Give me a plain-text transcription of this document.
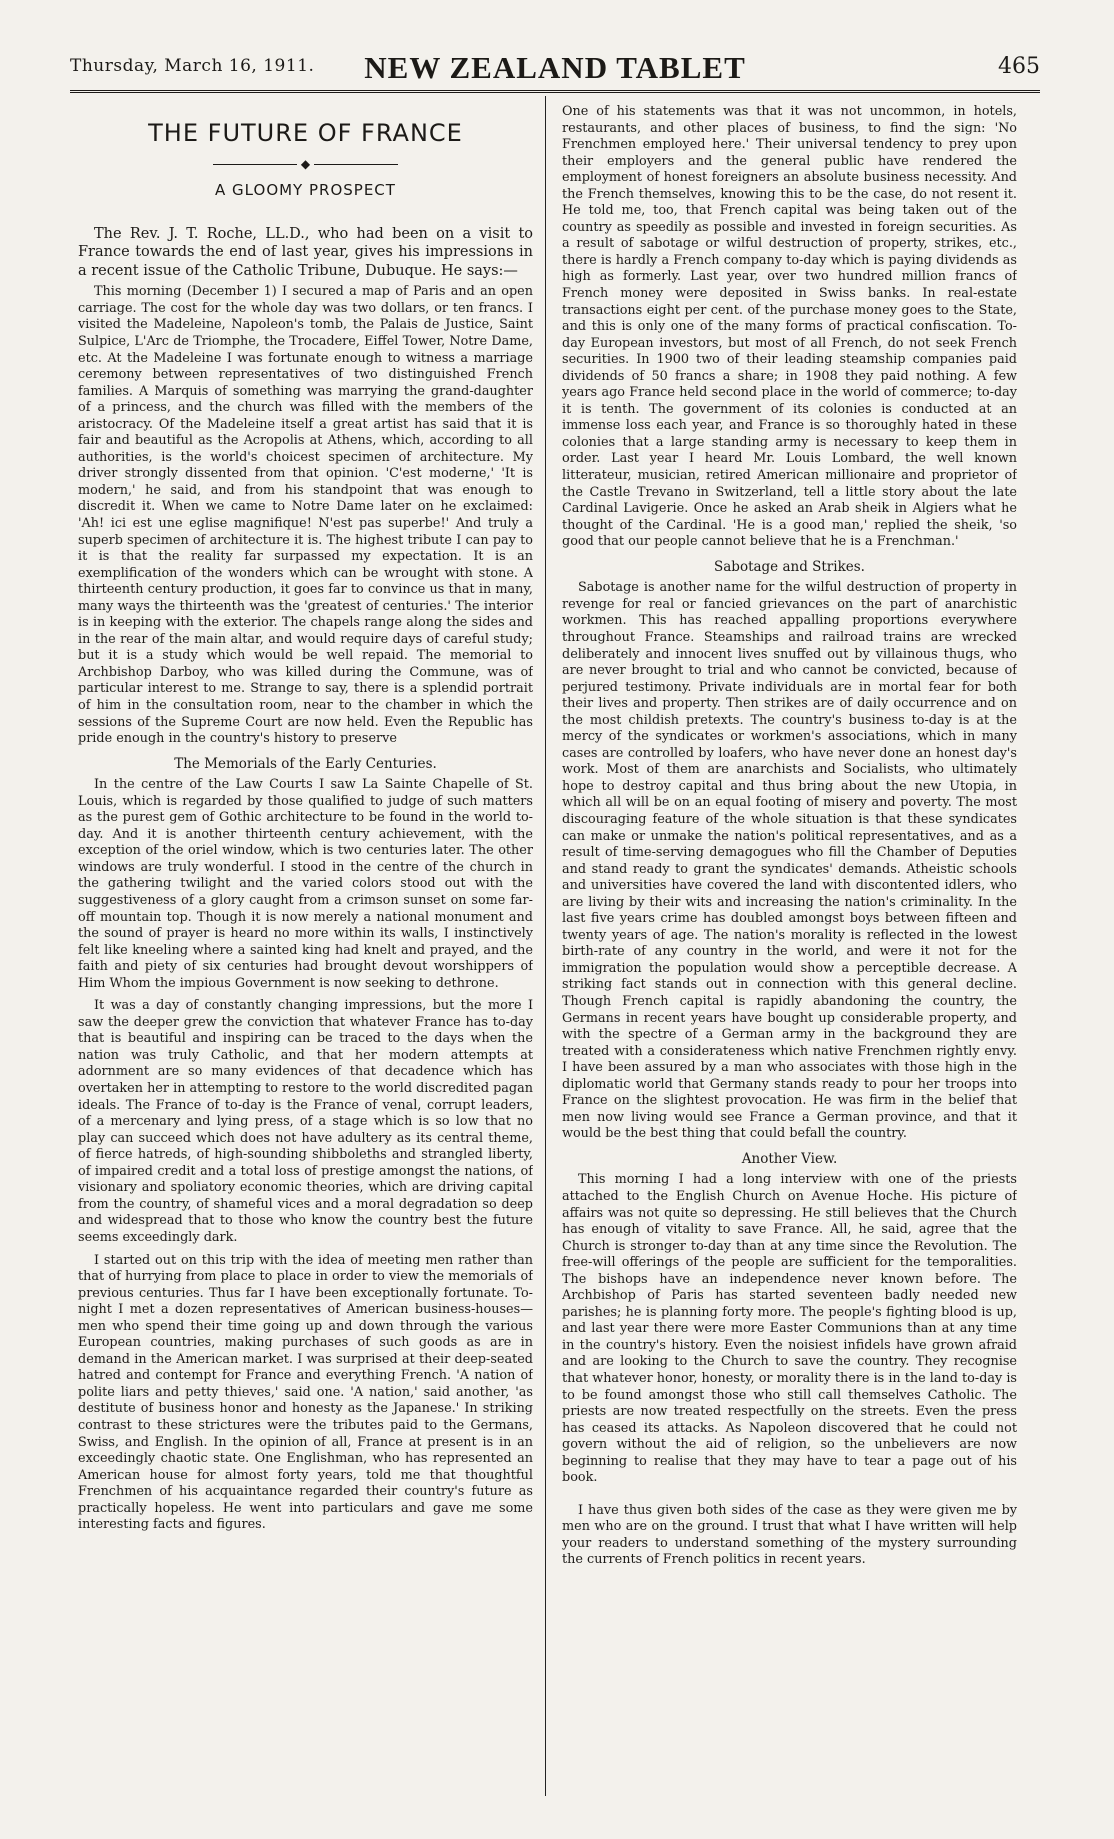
Thursday, March 16, 1911.	NEW ZEALAND TABLET	465
THE FUTURE OF FRANCE
◆
A GLOOMY PROSPECT

The Rev. J. T. Roche, LL.D., who had been on a visit to France towards the end of last year, gives his impressions in a recent issue of the Catholic Tribune, Dubuque. He says:—

This morning (December 1) I secured a map of Paris and an open carriage. The cost for the whole day was two dollars, or ten francs. I visited the Madeleine, Napoleon's tomb, the Palais de Justice, Saint Sulpice, L'Arc de Triomphe, the Trocadere, Eiffel Tower, Notre Dame, etc. At the Madeleine I was fortunate enough to witness a marriage ceremony between representatives of two distinguished French families. A Marquis of something was marrying the grand-daughter of a princess, and the church was filled with the members of the aristocracy. Of the Madeleine itself a great artist has said that it is fair and beautiful as the Acropolis at Athens, which, according to all authorities, is the world's choicest specimen of architecture. My driver strongly dissented from that opinion. 'C'est moderne,' 'It is modern,' he said, and from his standpoint that was enough to discredit it. When we came to Notre Dame later on he exclaimed: 'Ah! ici est une eglise magnifique! N'est pas superbe!' And truly a superb specimen of architecture it is. The highest tribute I can pay to it is that the reality far surpassed my expectation. It is an exemplification of the wonders which can be wrought with stone. A thirteenth century production, it goes far to convince us that in many, many ways the thirteenth was the 'greatest of centuries.' The interior is in keeping with the exterior. The chapels range along the sides and in the rear of the main altar, and would require days of careful study; but it is a study which would be well repaid. The memorial to Archbishop Darboy, who was killed during the Commune, was of particular interest to me. Strange to say, there is a splendid portrait of him in the consultation room, near to the chamber in which the sessions of the Supreme Court are now held. Even the Republic has pride enough in the country's history to preserve

The Memorials of the Early Centuries.

In the centre of the Law Courts I saw La Sainte Chapelle of St. Louis, which is regarded by those qualified to judge of such matters as the purest gem of Gothic architecture to be found in the world to-day. And it is another thirteenth century achievement, with the exception of the oriel window, which is two centuries later. The other windows are truly wonderful. I stood in the centre of the church in the gathering twilight and the varied colors stood out with the suggestiveness of a glory caught from a crimson sunset on some far-off mountain top. Though it is now merely a national monument and the sound of prayer is heard no more within its walls, I instinctively felt like kneeling where a sainted king had knelt and prayed, and the faith and piety of six centuries had brought devout worshippers of Him Whom the impious Government is now seeking to dethrone.

It was a day of constantly changing impressions, but the more I saw the deeper grew the conviction that whatever France has to-day that is beautiful and inspiring can be traced to the days when the nation was truly Catholic, and that her modern attempts at adornment are so many evidences of that decadence which has overtaken her in attempting to restore to the world discredited pagan ideals. The France of to-day is the France of venal, corrupt leaders, of a mercenary and lying press, of a stage which is so low that no play can succeed which does not have adultery as its central theme, of fierce hatreds, of high-sounding shibboleths and strangled liberty, of impaired credit and a total loss of prestige amongst the nations, of visionary and spoliatory economic theories, which are driving capital from the country, of shameful vices and a moral degradation so deep and widespread that to those who know the country best the future seems exceedingly dark.

I started out on this trip with the idea of meeting men rather than that of hurrying from place to place in order to view the memorials of previous centuries. Thus far I have been exceptionally fortunate. To-night I met a dozen representatives of American business-houses—men who spend their time going up and down through the various European countries, making purchases of such goods as are in demand in the American market. I was surprised at their deep-seated hatred and contempt for France and everything French. 'A nation of polite liars and petty thieves,' said one. 'A nation,' said another, 'as destitute of business honor and honesty as the Japanese.' In striking contrast to these strictures were the tributes paid to the Germans, Swiss, and English. In the opinion of all, France at present is in an exceedingly chaotic state. One Englishman, who has represented an American house for almost forty years, told me that thoughtful Frenchmen of his acquaintance regarded their country's future as practically hopeless. He went into particulars and gave me some interesting facts and figures.

One of his statements was that it was not uncommon, in hotels, restaurants, and other places of business, to find the sign: 'No Frenchmen employed here.' Their universal tendency to prey upon their employers and the general public have rendered the employment of honest foreigners an absolute business necessity. And the French themselves, knowing this to be the case, do not resent it. He told me, too, that French capital was being taken out of the country as speedily as possible and invested in foreign securities. As a result of sabotage or wilful destruction of property, strikes, etc., there is hardly a French company to-day which is paying dividends as high as formerly. Last year, over two hundred million francs of French money were deposited in Swiss banks. In real-estate transactions eight per cent. of the purchase money goes to the State, and this is only one of the many forms of practical confiscation. To-day European investors, but most of all French, do not seek French securities. In 1900 two of their leading steamship companies paid dividends of 50 francs a share; in 1908 they paid nothing. A few years ago France held second place in the world of commerce; to-day it is tenth. The government of its colonies is conducted at an immense loss each year, and France is so thoroughly hated in these colonies that a large standing army is necessary to keep them in order. Last year I heard Mr. Louis Lombard, the well known litterateur, musician, retired American millionaire and proprietor of the Castle Trevano in Switzerland, tell a little story about the late Cardinal Lavigerie. Once he asked an Arab sheik in Algiers what he thought of the Cardinal. 'He is a good man,' replied the sheik, 'so good that our people cannot believe that he is a Frenchman.'

Sabotage and Strikes.

Sabotage is another name for the wilful destruction of property in revenge for real or fancied grievances on the part of anarchistic workmen. This has reached appalling proportions everywhere throughout France. Steamships and railroad trains are wrecked deliberately and innocent lives snuffed out by villainous thugs, who are never brought to trial and who cannot be convicted, because of perjured testimony. Private individuals are in mortal fear for both their lives and property. Then strikes are of daily occurrence and on the most childish pretexts. The country's business to-day is at the mercy of the syndicates or workmen's associations, which in many cases are controlled by loafers, who have never done an honest day's work. Most of them are anarchists and Socialists, who ultimately hope to destroy capital and thus bring about the new Utopia, in which all will be on an equal footing of misery and poverty. The most discouraging feature of the whole situation is that these syndicates can make or unmake the nation's political representatives, and as a result of time-serving demagogues who fill the Chamber of Deputies and stand ready to grant the syndicates' demands. Atheistic schools and universities have covered the land with discontented idlers, who are living by their wits and increasing the nation's criminality. In the last five years crime has doubled amongst boys between fifteen and twenty years of age. The nation's morality is reflected in the lowest birth-rate of any country in the world, and were it not for the immigration the population would show a perceptible decrease. A striking fact stands out in connection with this general decline. Though French capital is rapidly abandoning the country, the Germans in recent years have bought up considerable property, and with the spectre of a German army in the background they are treated with a considerateness which native Frenchmen rightly envy. I have been assured by a man who associates with those high in the diplomatic world that Germany stands ready to pour her troops into France on the slightest provocation. He was firm in the belief that men now living would see France a German province, and that it would be the best thing that could befall the country.

Another View.

This morning I had a long interview with one of the priests attached to the English Church on Avenue Hoche. His picture of affairs was not quite so depressing. He still believes that the Church has enough of vitality to save France. All, he said, agree that the Church is stronger to-day than at any time since the Revolution. The free-will offerings of the people are sufficient for the temporalities. The bishops have an independence never known before. The Archbishop of Paris has started seventeen badly needed new parishes; he is planning forty more. The people's fighting blood is up, and last year there were more Easter Communions than at any time in the country's history. Even the noisiest infidels have grown afraid and are looking to the Church to save the country. They recognise that whatever honor, honesty, or morality there is in the land to-day is to be found amongst those who still call themselves Catholic. The priests are now treated respectfully on the streets. Even the press has ceased its attacks. As Napoleon discovered that he could not govern without the aid of religion, so the unbelievers are now beginning to realise that they may have to tear a page out of his book.

I have thus given both sides of the case as they were given me by men who are on the ground. I trust that what I have written will help your readers to understand something of the mystery surrounding the currents of French politics in recent years.
